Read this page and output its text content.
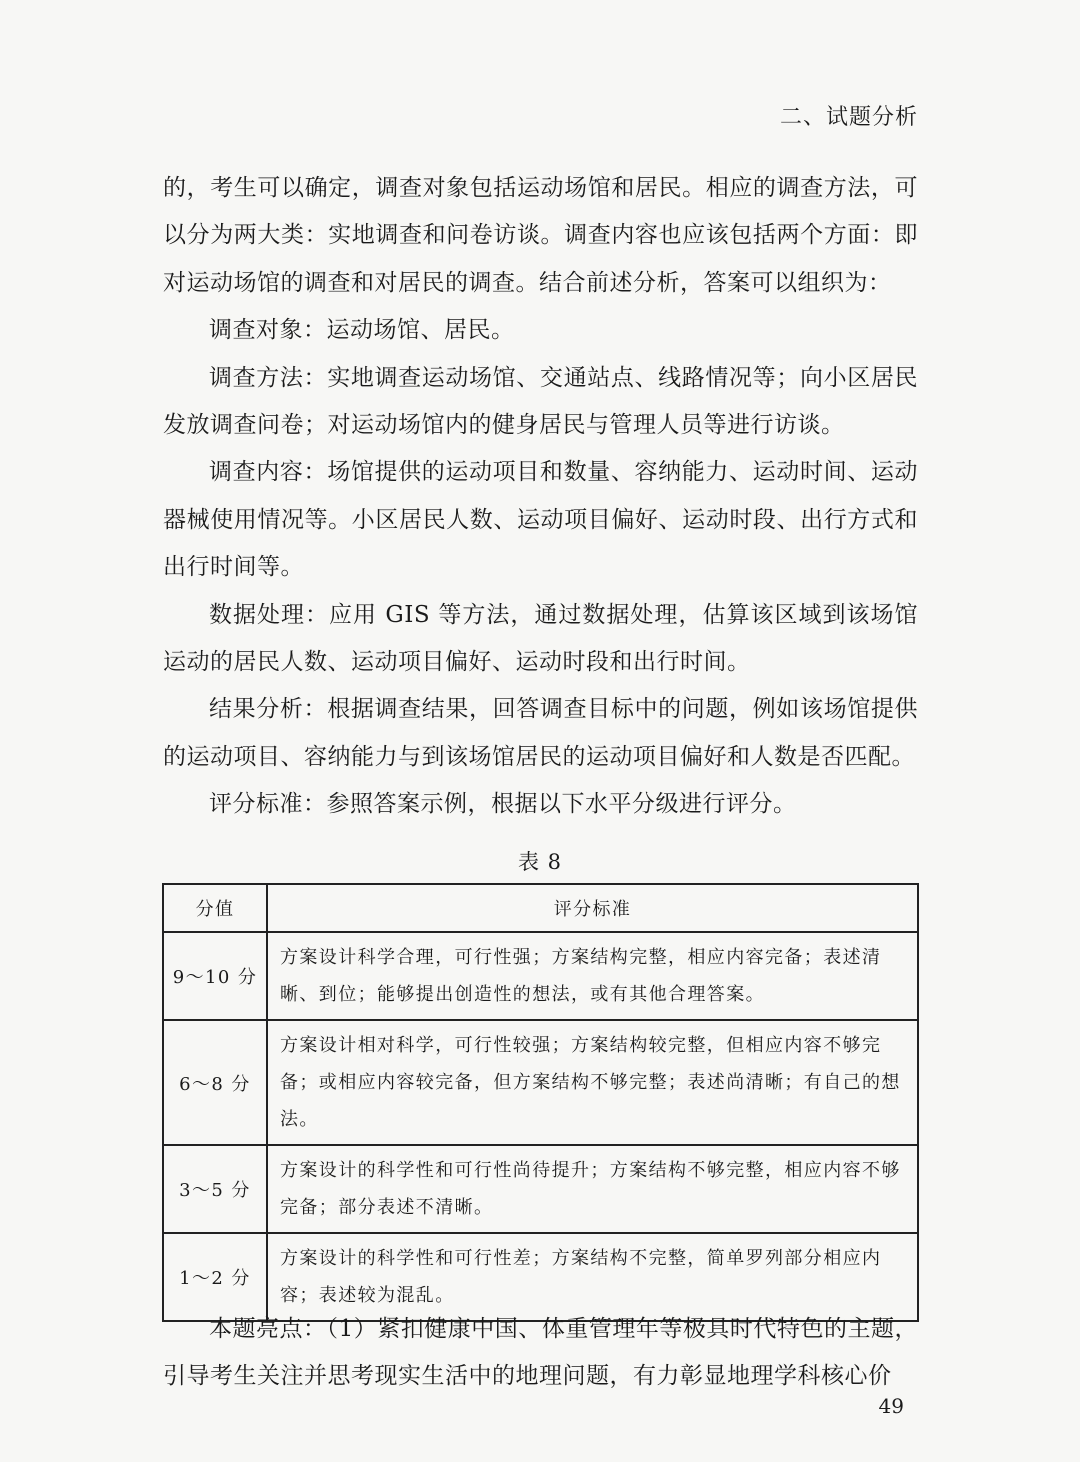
二、试题分析

的，考生可以确定，调查对象包括运动场馆和居民。相应的调查方法，可以分为两大类：实地调查和问卷访谈。调查内容也应该包括两个方面：即对运动场馆的调查和对居民的调查。结合前述分析，答案可以组织为：

调查对象：运动场馆、居民。

调查方法：实地调查运动场馆、交通站点、线路情况等；向小区居民发放调查问卷；对运动场馆内的健身居民与管理人员等进行访谈。

调查内容：场馆提供的运动项目和数量、容纳能力、运动时间、运动器械使用情况等。小区居民人数、运动项目偏好、运动时段、出行方式和出行时间等。

数据处理：应用 GIS 等方法，通过数据处理，估算该区域到该场馆运动的居民人数、运动项目偏好、运动时段和出行时间。

结果分析：根据调查结果，回答调查目标中的问题，例如该场馆提供的运动项目、容纳能力与到该场馆居民的运动项目偏好和人数是否匹配。

评分标准：参照答案示例，根据以下水平分级进行评分。

表 8
分值	评分标准
9～10 分	方案设计科学合理，可行性强；方案结构完整，相应内容完备；表述清晰、到位；能够提出创造性的想法，或有其他合理答案。
6～8 分	方案设计相对科学，可行性较强；方案结构较完整，但相应内容不够完备；或相应内容较完备，但方案结构不够完整；表述尚清晰；有自己的想法。
3～5 分	方案设计的科学性和可行性尚待提升；方案结构不够完整，相应内容不够完备；部分表述不清晰。
1～2 分	方案设计的科学性和可行性差；方案结构不完整，简单罗列部分相应内容；表述较为混乱。

本题亮点：（1）紧扣健康中国、体重管理年等极具时代特色的主题，引导考生关注并思考现实生活中的地理问题，有力彰显地理学科核心价

49
